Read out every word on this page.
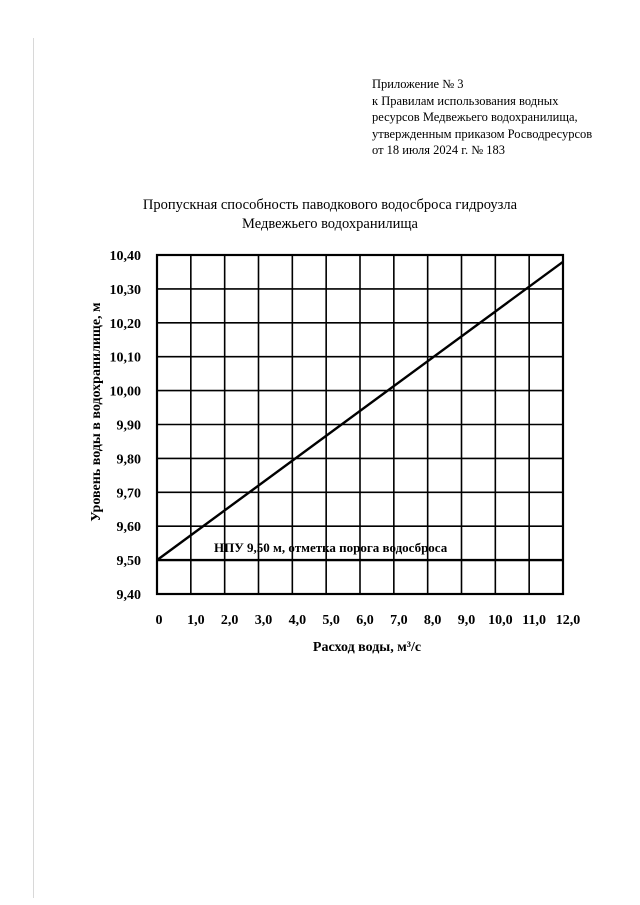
Приложение № 3
к Правилам использования водных
ресурсов Медвежьего водохранилища,
утвержденным приказом Росводресурсов
от 18 июля 2024 г. № 183
Пропускная способность паводкового водосброса гидроузла
Медвежьего водохранилища
0 1,0 2,0 3,0 4,0 5,0 6,0 7,0 8,0 9,0 10,0 11,0 12,0
10,40
10,30
10,20
10,10
10,00
9,90
9,80
9,70
9,60
9,50
9,40
НПУ 9,50 м, отметка порога водосброса
Расход воды, м³/с
Уровень воды в водохранилище, м
